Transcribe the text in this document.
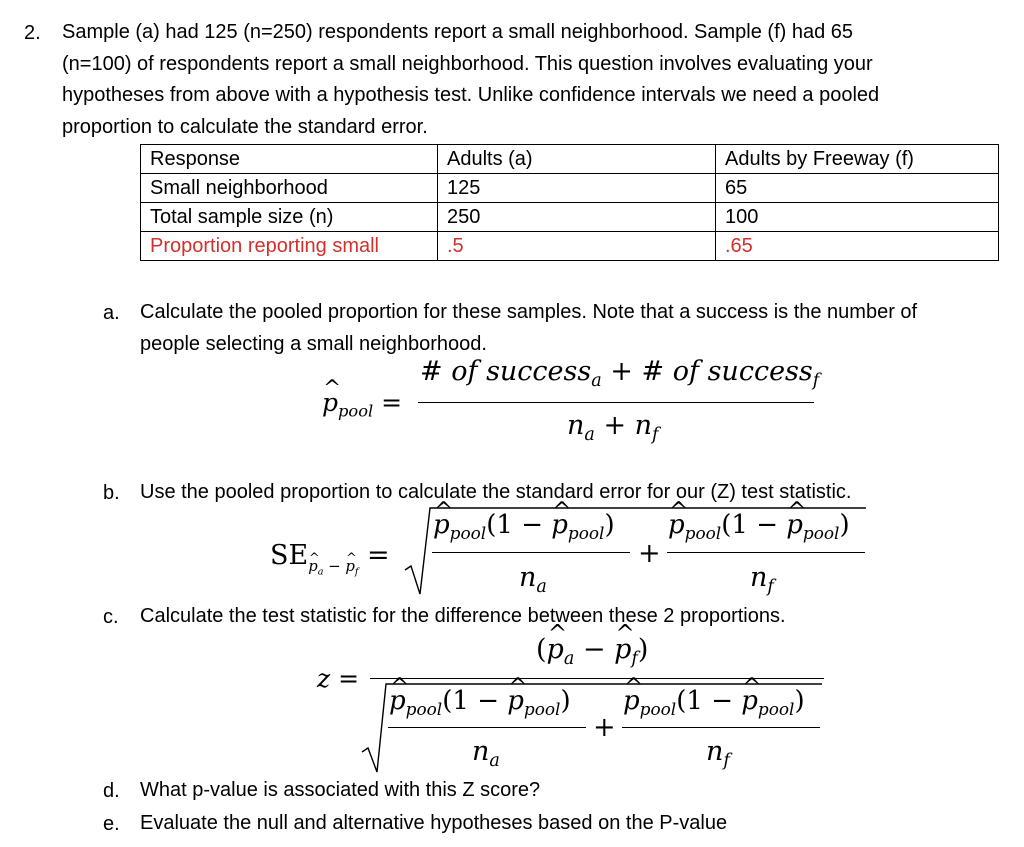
2. Sample (a) had 125 (n=250) respondents report a small neighborhood. Sample (f) had 65
(n=100) of respondents report a small neighborhood. This question involves evaluating your
hypotheses from above with a hypothesis test. Unlike confidence intervals we need a pooled
proportion to calculate the standard error.
Response	Adults (a)	Adults by Freeway (f)
Small neighborhood	125	65
Total sample size (n)	250	100
Proportion reporting small	.5	.65
a. Calculate the pooled proportion for these samples. Note that a success is the number of
people selecting a small neighborhood.
^ $p_{pool}$ =
# of success$_a$ + # of success$_f$
$n_a + n_f$
b. Use the pooled proportion to calculate the standard error for our (Z) test statistic.
SE^ $_{p_a - \^{} p_f}$ =
^ $p_{pool}(1$ − ^ $p_{pool}$)
$n_a$
+
^ $p_{pool}(1$ − ^ $p_{pool}$)
$n_f$
c. Calculate the test statistic for the difference between these 2 proportions.
z =
(^ $p_a$ − ^ $p_f$)
^ $p_{pool}(1$ − ^ $p_{pool}$)
$n_a$
+
^ $p_{pool}(1$ − ^ $p_{pool}$)
$n_f$
d. What p-value is associated with this Z score?
e. Evaluate the null and alternative hypotheses based on the P-value
